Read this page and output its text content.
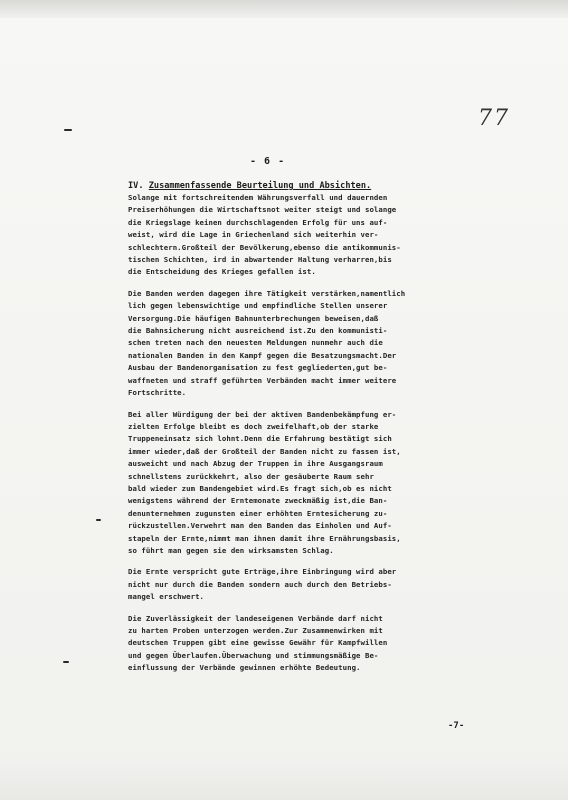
77
- 6 -

IV. Zusammenfassende Beurteilung und Absichten.

Solange mit fortschreitendem Währungsverfall und dauernden
Preiserhöhungen die Wirtschaftsnot weiter steigt und solange
die Kriegslage keinen durchschlagenden Erfolg für uns auf-
weist, wird die Lage in Griechenland sich weiterhin ver-
schlechtern.Großteil der Bevölkerung,ebenso die antikommunis-
tischen Schichten, ird in abwartender Haltung verharren,bis
die Entscheidung des Krieges gefallen ist.

Die Banden werden dagegen ihre Tätigkeit verstärken,namentlich
lich gegen lebenswichtige und empfindliche Stellen unserer
Versorgung.Die häufigen Bahnunterbrechungen beweisen,daß
die Bahnsicherung nicht ausreichend ist.Zu den kommunisti-
schen treten nach den neuesten Meldungen nunmehr auch die
nationalen Banden in den Kampf gegen die Besatzungsmacht.Der
Ausbau der Bandenorganisation zu fest gegliederten,gut be-
waffneten und straff geführten Verbänden macht immer weitere
Fortschritte.

Bei aller Würdigung der bei der aktiven Bandenbekämpfung er-
zielten Erfolge bleibt es doch zweifelhaft,ob der starke
Truppeneinsatz sich lohnt.Denn die Erfahrung bestätigt sich
immer wieder,daß der Großteil der Banden nicht zu fassen ist,
ausweicht und nach Abzug der Truppen in ihre Ausgangsraum
schnellstens zurückkehrt, also der gesäuberte Raum sehr
bald wieder zum Bandengebiet wird.Es fragt sich,ob es nicht
wenigstens während der Erntemonate zweckmäßig ist,die Ban-
denunternehmen zugunsten einer erhöhten Erntesicherung zu-
rückzustellen.Verwehrt man den Banden das Einholen und Auf-
stapeln der Ernte,nimmt man ihnen damit ihre Ernährungsbasis,
so führt man gegen sie den wirksamsten Schlag.

Die Ernte verspricht gute Erträge,ihre Einbringung wird aber
nicht nur durch die Banden sondern auch durch den Betriebs-
mangel erschwert.

Die Zuverlässigkeit der landeseigenen Verbände darf nicht
zu harten Proben unterzogen werden.Zur Zusammenwirken mit
deutschen Truppen gibt eine gewisse Gewähr für Kampfwillen
und gegen Überlaufen.Überwachung und stimmungsmäßige Be-
einflussung der Verbände gewinnen erhöhte Bedeutung.

-7-
